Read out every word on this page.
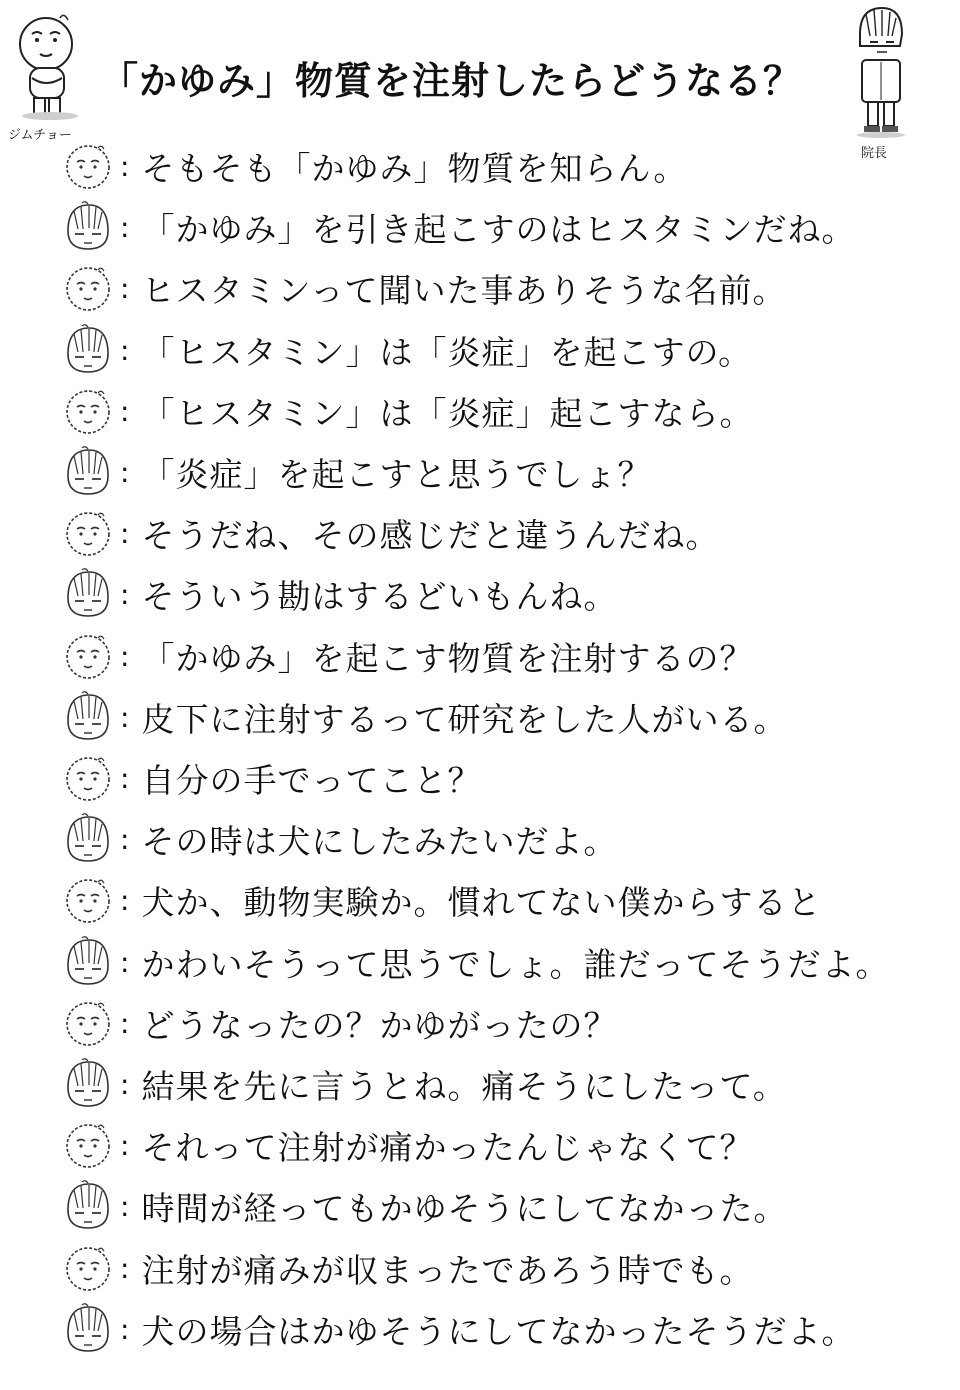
「かゆみ」物質を注射したらどうなる？
ジムチョー
院長
: そもそも「かゆみ」物質を知らん。
: 「かゆみ」を引き起こすのはヒスタミンだね。
: ヒスタミンって聞いた事ありそうな名前。
: 「ヒスタミン」は「炎症」を起こすの。
: 「ヒスタミン」は「炎症」起こすなら。
: 「炎症」を起こすと思うでしょ？
: そうだね、その感じだと違うんだね。
: そういう勘はするどいもんね。
: 「かゆみ」を起こす物質を注射するの？
: 皮下に注射するって研究をした人がいる。
: 自分の手でってこと？
: その時は犬にしたみたいだよ。
: 犬か、動物実験か。慣れてない僕からすると
: かわいそうって思うでしょ。誰だってそうだよ。
: どうなったの？かゆがったの？
: 結果を先に言うとね。痛そうにしたって。
: それって注射が痛かったんじゃなくて？
: 時間が経ってもかゆそうにしてなかった。
: 注射が痛みが収まったであろう時でも。
: 犬の場合はかゆそうにしてなかったそうだよ。
